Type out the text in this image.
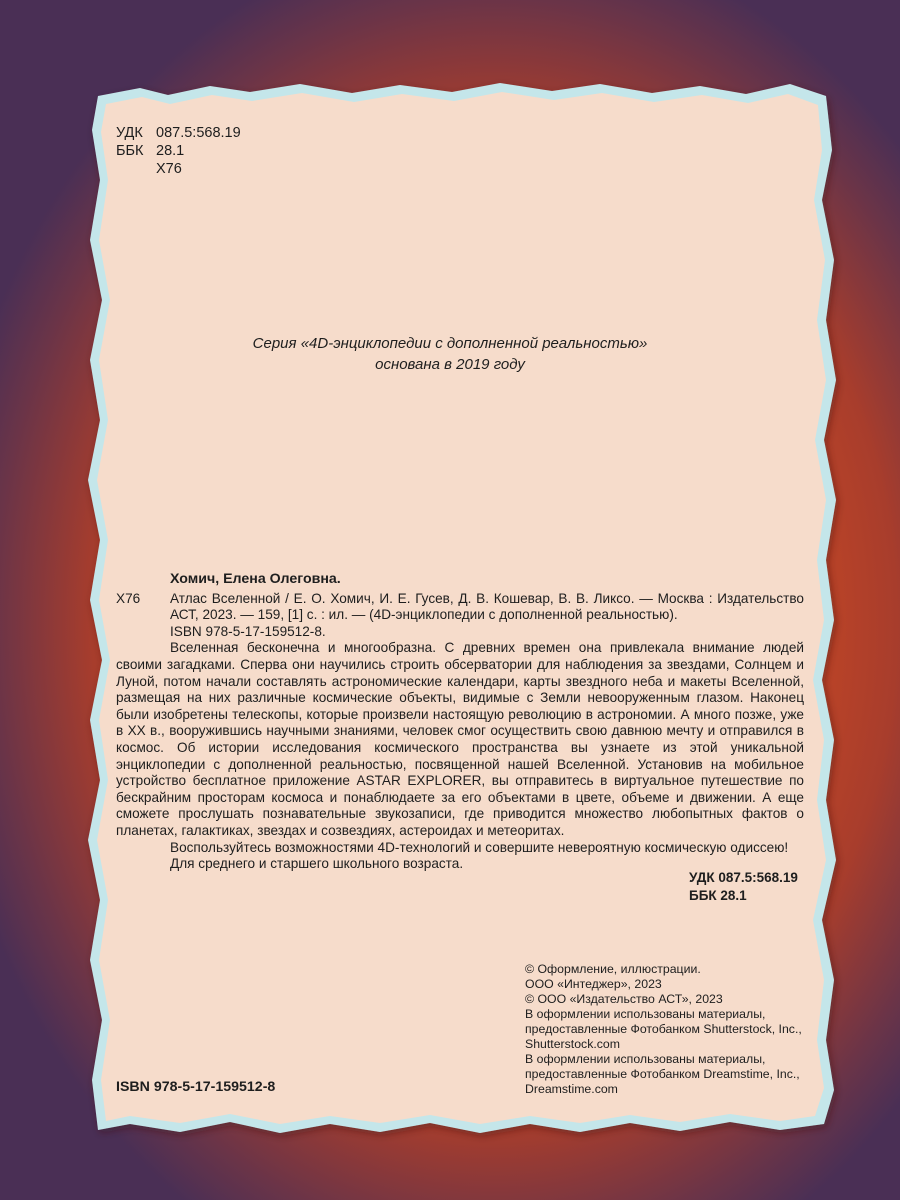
УДК 087.5:568.19
ББК 28.1
Х76
Серия «4D-энциклопедии с дополненной реальностью»
основана в 2019 году
Хомич, Елена Олеговна.
Х76	Атлас Вселенной / Е. О. Хомич, И. Е. Гусев, Д. В. Кошевар, В. В. Ликсо. — Москва : Издательство АСТ, 2023. — 159, [1] с. : ил. — (4D-энциклопедии с дополненной реальностью).
ISBN 978-5-17-159512-8.
Вселенная бесконечна и многообразна. С древних времен она привлекала внимание людей своими загадками. Сперва они научились строить обсерватории для наблюдения за звездами, Солнцем и Луной, потом начали составлять астрономические календари, карты звездного неба и макеты Вселенной, размещая на них различные космические объекты, видимые с Земли невооруженным глазом. Наконец были изобретены телескопы, которые произвели настоящую революцию в астрономии. А много позже, уже в XX в., вооружившись научными знаниями, человек смог осуществить свою давнюю мечту и отправился в космос. Об истории исследования космического пространства вы узнаете из этой уникальной энциклопедии с дополненной реальностью, посвященной нашей Вселенной. Установив на мобильное устройство бесплатное приложение ASTAR EXPLORER, вы отправитесь в виртуальное путешествие по бескрайним просторам космоса и понаблюдаете за его объектами в цвете, объеме и движении. А еще сможете прослушать познавательные звукозаписи, где приводится множество любопытных фактов о планетах, галактиках, звездах и созвездиях, астероидах и метеоритах.
Воспользуйтесь возможностями 4D-технологий и совершите невероятную космическую одиссею!
Для среднего и старшего школьного возраста.
УДК 087.5:568.19
ББК 28.1
© Оформление, иллюстрации.
ООО «Интеджер», 2023
© ООО «Издательство АСТ», 2023
В оформлении использованы материалы,
предоставленные Фотобанком Shutterstock, Inc.,
Shutterstock.com
В оформлении использованы материалы,
предоставленные Фотобанком Dreamstime, Inc.,
Dreamstime.com
ISBN 978-5-17-159512-8
